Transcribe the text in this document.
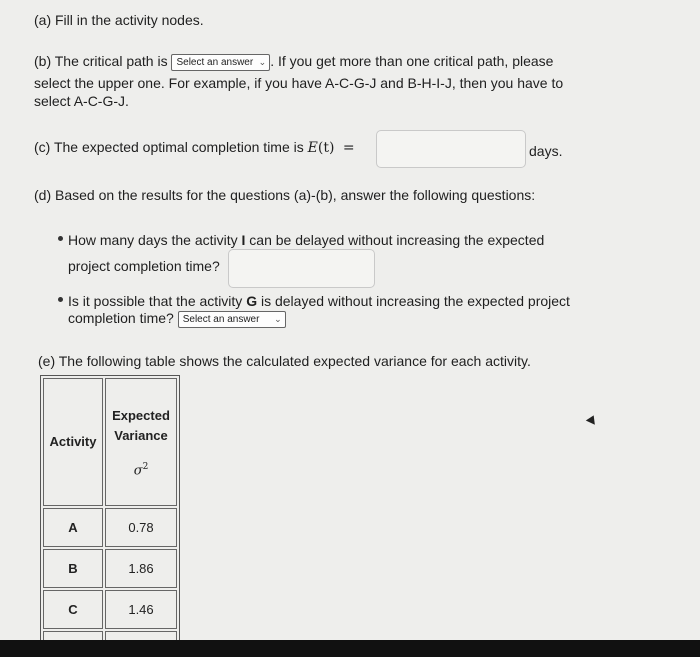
(a) Fill in the activity nodes.
(b) The critical path is Select an answer ⌄ . If you get more than one critical path, please
select the upper one. For example, if you have A-C-G-J and B-H-I-J, then you have to
select A-C-G-J.
(c) The expected optimal completion time is E(t) =	days.
(d) Based on the results for the questions (a)-(b), answer the following questions:
How many days the activity I can be delayed without increasing the expected
project completion time?
Is it possible that the activity G is delayed without increasing the expected project
completion time? Select an answer ⌄
(e) The following table shows the calculated expected variance for each activity.
Activity	Expected
Variance
$\sigma^2$

A	0.78
B	1.86
C	1.46
